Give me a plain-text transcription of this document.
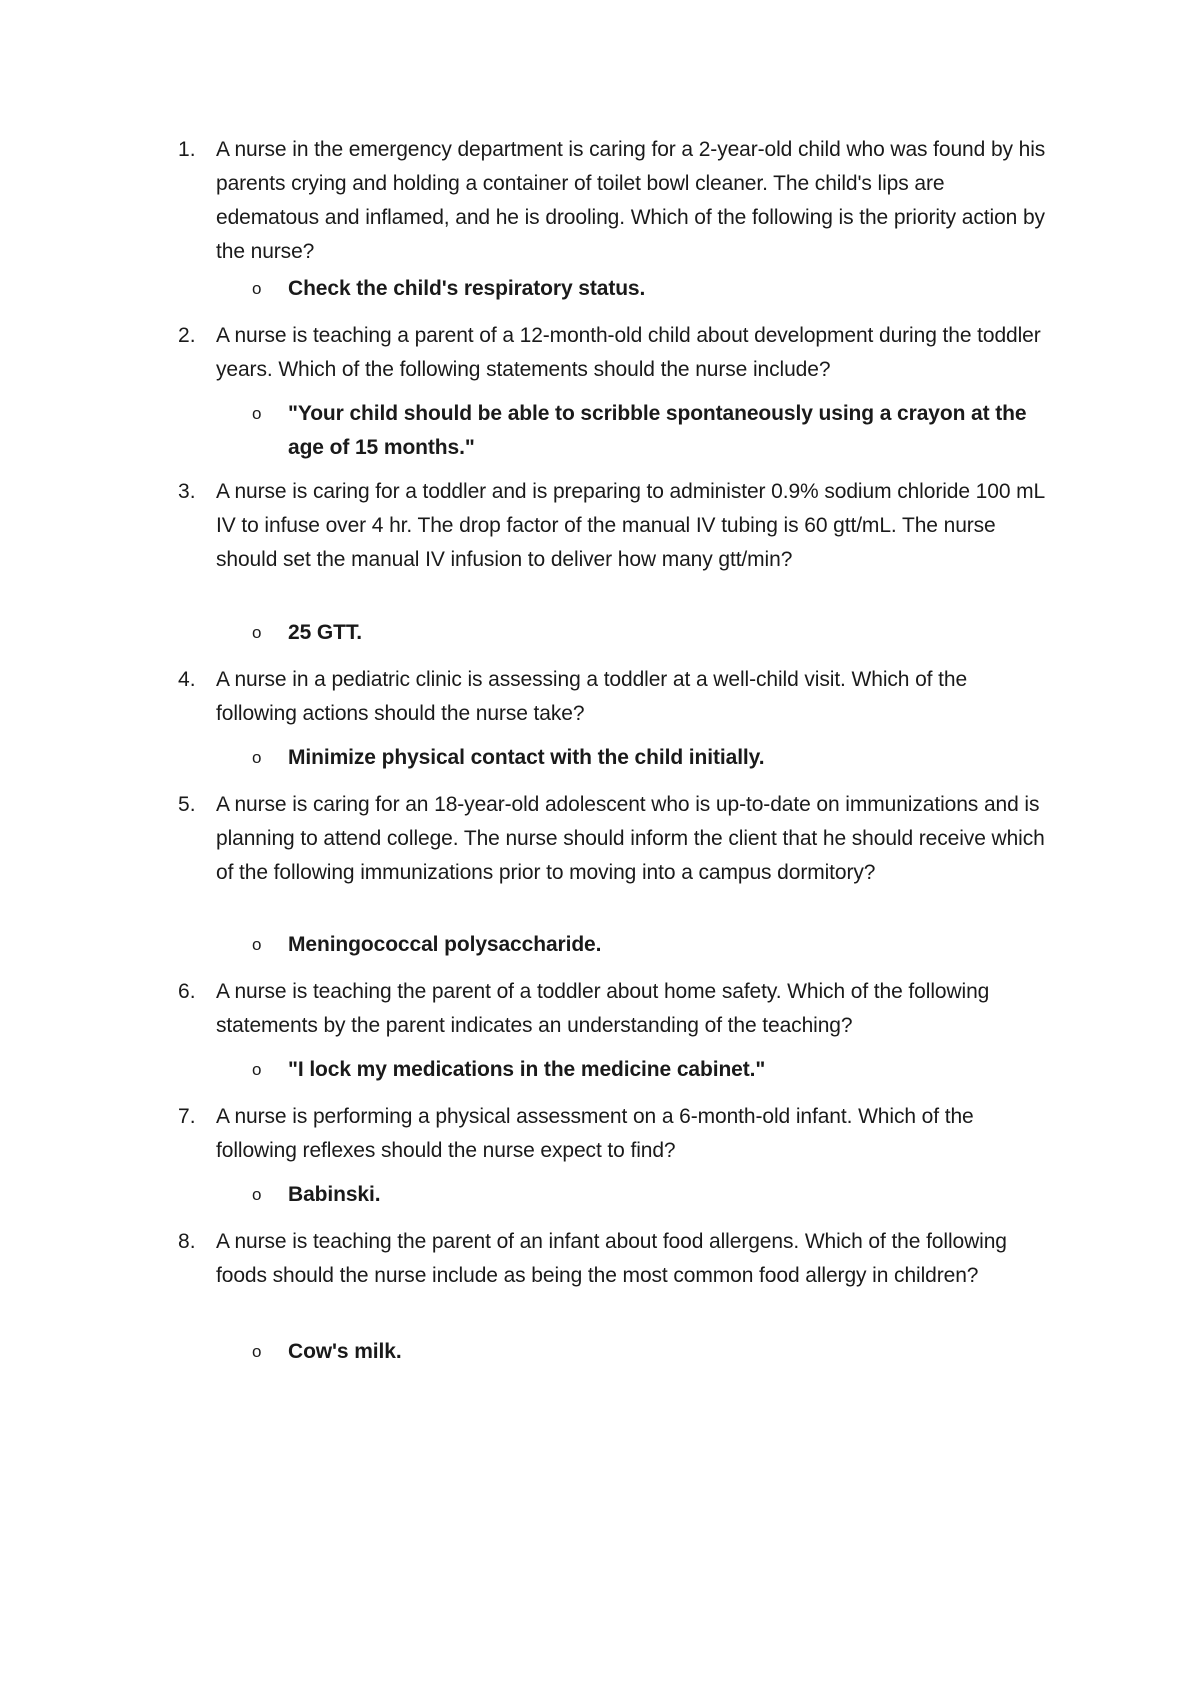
1. A nurse in the emergency department is caring for a 2-year-old child who was found by his parents crying and holding a container of toilet bowl cleaner. The child's lips are edematous and inflamed, and he is drooling. Which of the following is the priority action by the nurse?

o Check the child's respiratory status.

2. A nurse is teaching a parent of a 12-month-old child about development during the toddler years. Which of the following statements should the nurse include?

o "Your child should be able to scribble spontaneously using a crayon at the age of 15 months."

3. A nurse is caring for a toddler and is preparing to administer 0.9% sodium chloride 100 mL IV to infuse over 4 hr. The drop factor of the manual IV tubing is 60 gtt/mL. The nurse should set the manual IV infusion to deliver how many gtt/min?

o 25 GTT.

4. A nurse in a pediatric clinic is assessing a toddler at a well-child visit. Which of the following actions should the nurse take?

o Minimize physical contact with the child initially.

5. A nurse is caring for an 18-year-old adolescent who is up-to-date on immunizations and is planning to attend college. The nurse should inform the client that he should receive which of the following immunizations prior to moving into a campus dormitory?

o Meningococcal polysaccharide.

6. A nurse is teaching the parent of a toddler about home safety. Which of the following statements by the parent indicates an understanding of the teaching?

o "I lock my medications in the medicine cabinet."

7. A nurse is performing a physical assessment on a 6-month-old infant. Which of the following reflexes should the nurse expect to find?

o Babinski.

8. A nurse is teaching the parent of an infant about food allergens. Which of the following foods should the nurse include as being the most common food allergy in children?

o Cow's milk.
